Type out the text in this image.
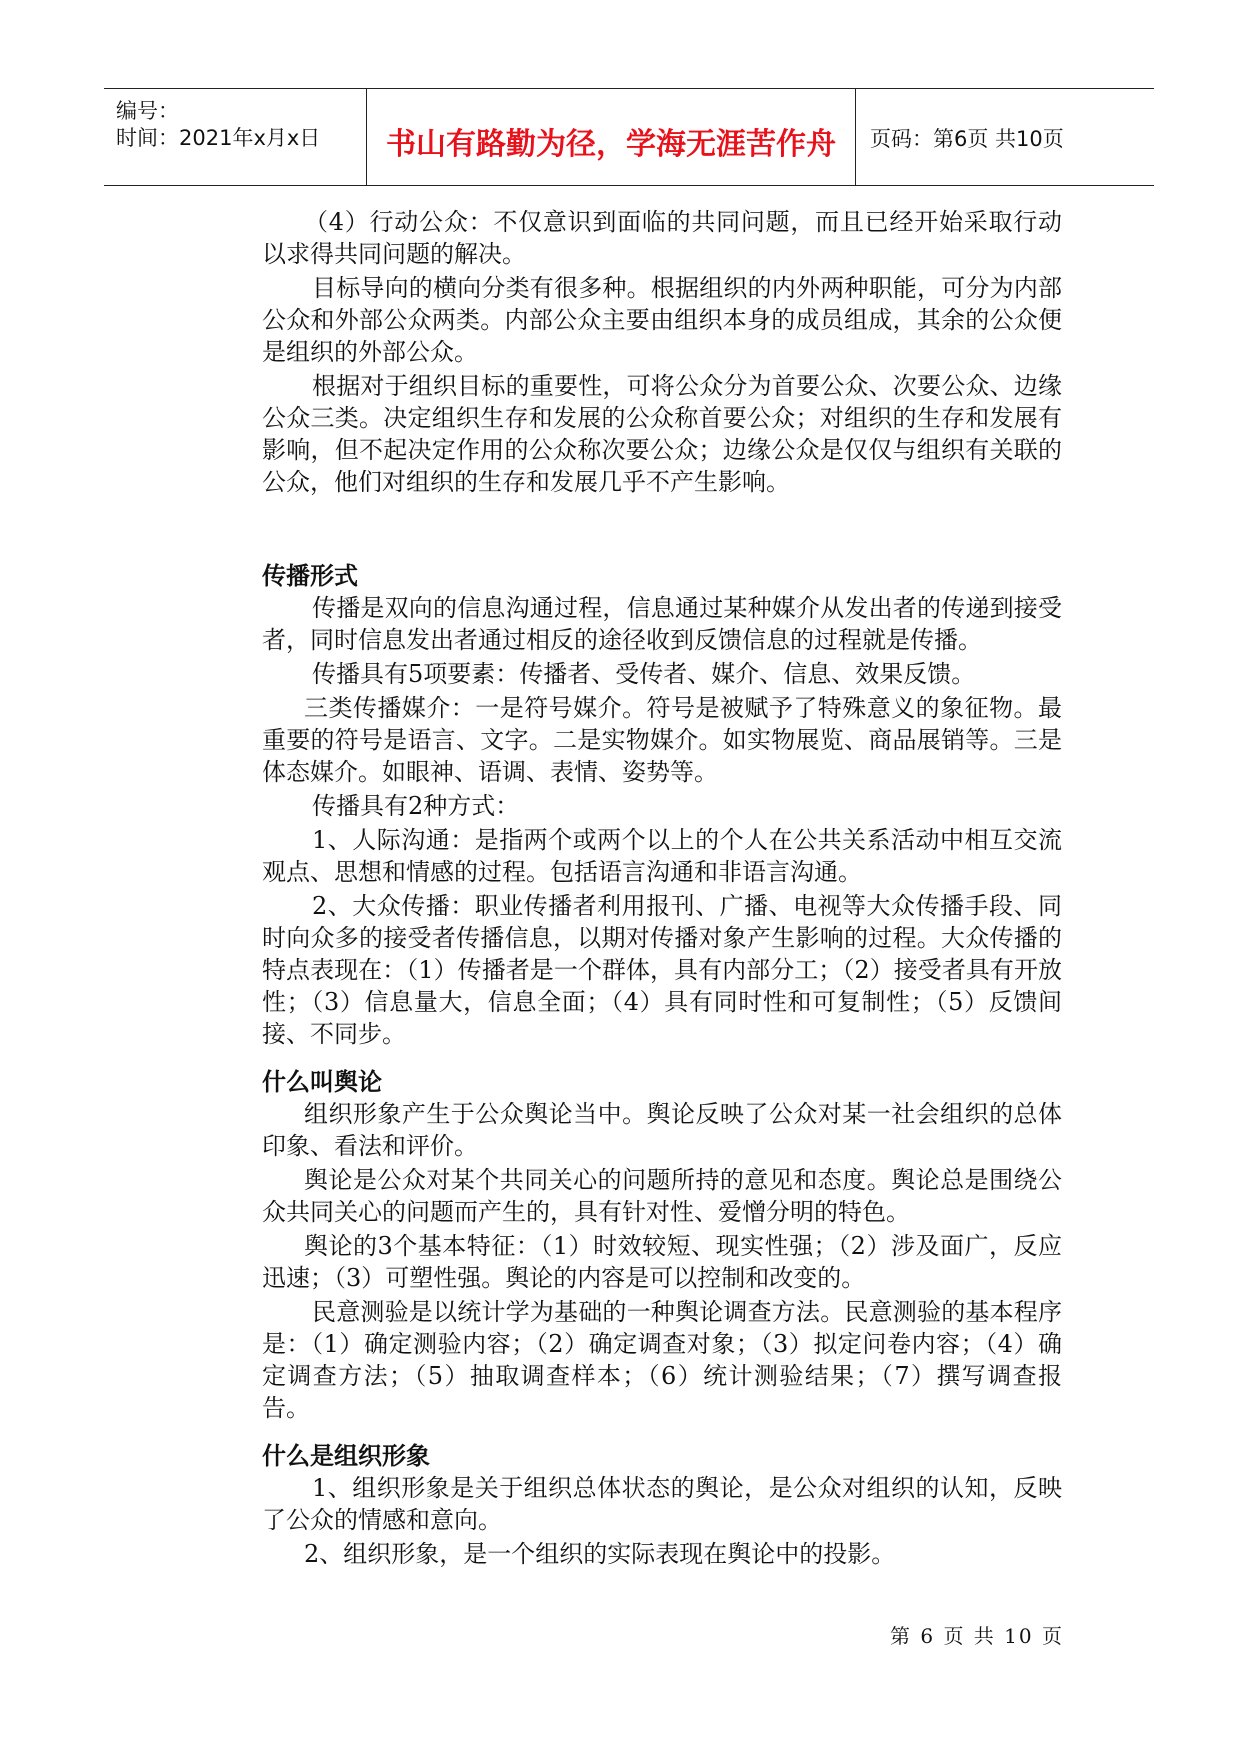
编号：
时间：2021年x月x日	书山有路勤为径，学海无涯苦作舟	页码：第6页 共10页

（4）行动公众：不仅意识到面临的共同问题，而且已经开始采取行动以求得共同问题的解决。

目标导向的横向分类有很多种。根据组织的内外两种职能，可分为内部公众和外部公众两类。内部公众主要由组织本身的成员组成，其余的公众便是组织的外部公众。

根据对于组织目标的重要性，可将公众分为首要公众、次要公众、边缘公众三类。决定组织生存和发展的公众称首要公众；对组织的生存和发展有影响，但不起决定作用的公众称次要公众；边缘公众是仅仅与组织有关联的公众，他们对组织的生存和发展几乎不产生影响。

传播形式

传播是双向的信息沟通过程，信息通过某种媒介从发出者的传递到接受者，同时信息发出者通过相反的途径收到反馈信息的过程就是传播。

传播具有5项要素：传播者、受传者、媒介、信息、效果反馈。

三类传播媒介：一是符号媒介。符号是被赋予了特殊意义的象征物。最重要的符号是语言、文字。二是实物媒介。如实物展览、商品展销等。三是体态媒介。如眼神、语调、表情、姿势等。

传播具有2种方式：

1、人际沟通：是指两个或两个以上的个人在公共关系活动中相互交流观点、思想和情感的过程。包括语言沟通和非语言沟通。

2、大众传播：职业传播者利用报刊、广播、电视等大众传播手段、同时向众多的接受者传播信息，以期对传播对象产生影响的过程。大众传播的特点表现在：（1）传播者是一个群体，具有内部分工；（2）接受者具有开放性；（3）信息量大，信息全面；（4）具有同时性和可复制性；（5）反馈间接、不同步。

什么叫舆论

组织形象产生于公众舆论当中。舆论反映了公众对某一社会组织的总体印象、看法和评价。

舆论是公众对某个共同关心的问题所持的意见和态度。舆论总是围绕公众共同关心的问题而产生的，具有针对性、爱憎分明的特色。

舆论的3个基本特征：（1）时效较短、现实性强；（2）涉及面广，反应迅速；（3）可塑性强。舆论的内容是可以控制和改变的。

民意测验是以统计学为基础的一种舆论调查方法。民意测验的基本程序是：（1）确定测验内容；（2）确定调查对象；（3）拟定问卷内容；（4）确定调查方法；（5）抽取调查样本；（6）统计测验结果；（7）撰写调查报告。

什么是组织形象

1、组织形象是关于组织总体状态的舆论，是公众对组织的认知，反映了公众的情感和意向。

2、组织形象，是一个组织的实际表现在舆论中的投影。

第 6 页 共 10 页
